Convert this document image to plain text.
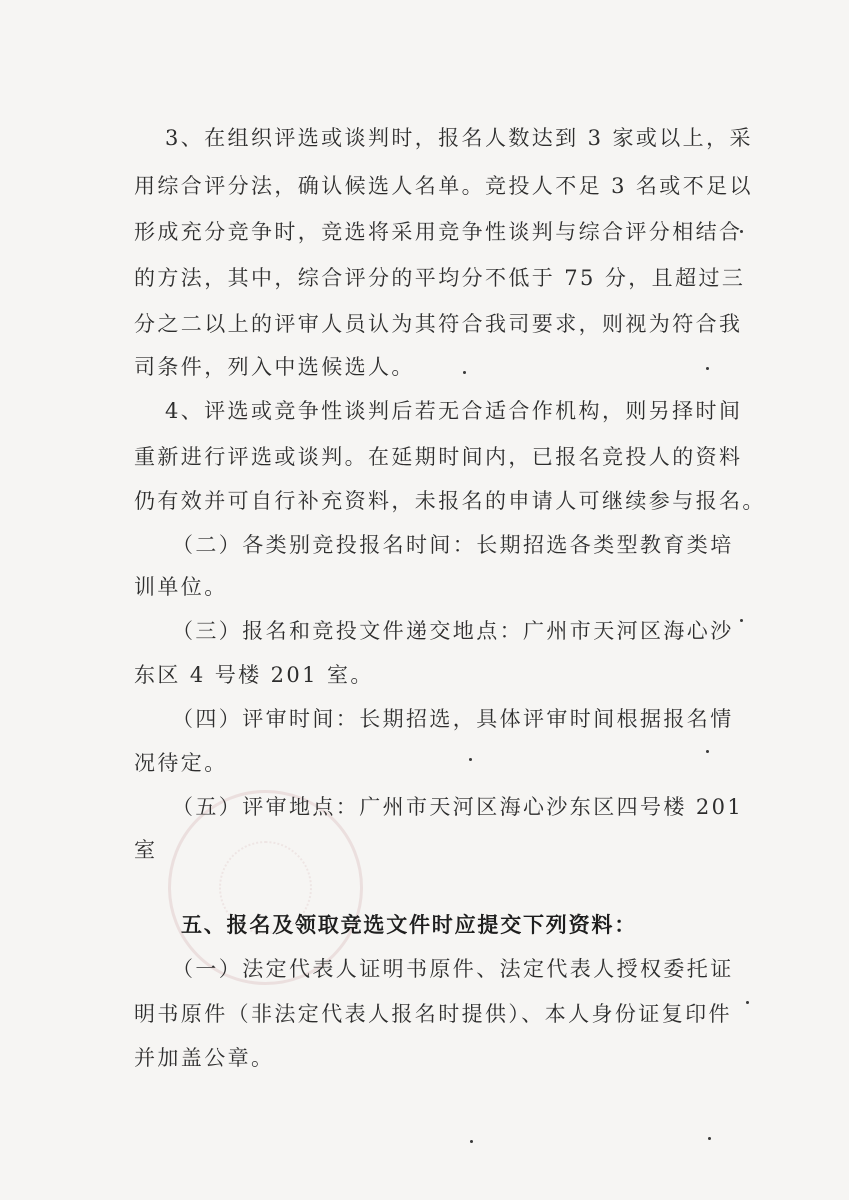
3、在组织评选或谈判时，报名人数达到 3 家或以上，采
用综合评分法，确认候选人名单。竞投人不足 3 名或不足以
形成充分竞争时，竞选将采用竞争性谈判与综合评分相结合
的方法，其中，综合评分的平均分不低于 75 分，且超过三
分之二以上的评审人员认为其符合我司要求，则视为符合我
司条件，列入中选候选人。
4、评选或竞争性谈判后若无合适合作机构，则另择时间
重新进行评选或谈判。在延期时间内，已报名竞投人的资料
仍有效并可自行补充资料，未报名的申请人可继续参与报名。
（二）各类别竞投报名时间：长期招选各类型教育类培
训单位。
（三）报名和竞投文件递交地点：广州市天河区海心沙
东区 4 号楼 201 室。
（四）评审时间：长期招选，具体评审时间根据报名情
况待定。
（五）评审地点：广州市天河区海心沙东区四号楼 201
室
五、报名及领取竞选文件时应提交下列资料：
（一）法定代表人证明书原件、法定代表人授权委托证
明书原件（非法定代表人报名时提供）、本人身份证复印件
并加盖公章。
